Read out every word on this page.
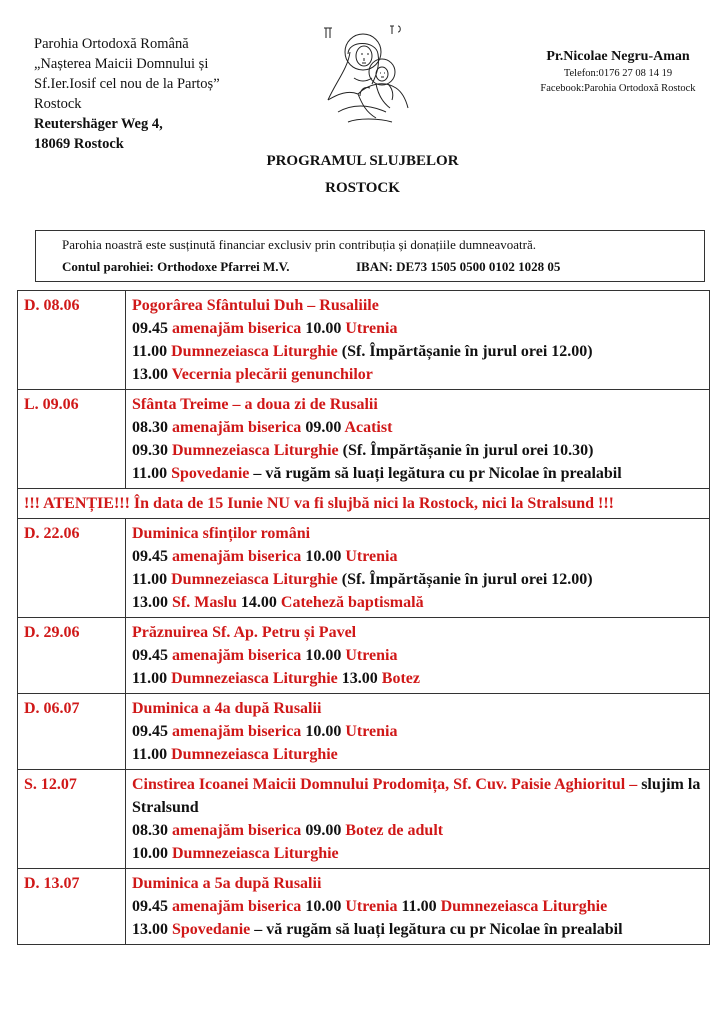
Parohia Ortodoxă Română
„Nașterea Maicii Domnului și
Sf.Ier.Iosif cel nou de la Partoș”
Rostock
Reutershäger Weg 4,
18069 Rostock
Pr.Nicolae Negru-Aman
Telefon:0176 27 08 14 19
Facebook:Parohia Ortodoxă Rostock
PROGRAMUL SLUJBELOR
ROSTOCK
Parohia noastră este susținută financiar exclusiv prin contribuția și donațiile dumneavoatră.
Contul parohiei: Orthodoxe Pfarrei M.V.	IBAN: DE73 1505 0500 0102 1028 05
D. 08.06	Pogorârea Sfântului Duh – Rusaliile
09.45 amenajăm biserica 10.00 Utrenia
11.00 Dumnezeiasca Liturghie (Sf. Împărtășanie în jurul orei 12.00)
13.00 Vecernia plecării genunchilor

L. 09.06	Sfânta Treime – a doua zi de Rusalii
08.30 amenajăm biserica 09.00 Acatist
09.30 Dumnezeiasca Liturghie (Sf. Împărtășanie în jurul orei 10.30)
11.00 Spovedanie – vă rugăm să luați legătura cu pr Nicolae în prealabil

!!! ATENȚIE!!! În data de 15 Iunie NU va fi slujbă nici la Rostock, nici la Stralsund !!!	
D. 22.06	Duminica sfinților români
09.45 amenajăm biserica 10.00 Utrenia
11.00 Dumnezeiasca Liturghie (Sf. Împărtășanie în jurul orei 12.00)
13.00 Sf. Maslu 14.00 Cateheză baptismală

D. 29.06	Prăznuirea Sf. Ap. Petru și Pavel
09.45 amenajăm biserica 10.00 Utrenia
11.00 Dumnezeiasca Liturghie 13.00 Botez

D. 06.07	Duminica a 4a după Rusalii
09.45 amenajăm biserica 10.00 Utrenia
11.00 Dumnezeiasca Liturghie

S. 12.07	Cinstirea Icoanei Maicii Domnului Prodomița, Sf. Cuv. Paisie Aghioritul – slujim la Stralsund
08.30 amenajăm biserica 09.00 Botez de adult
10.00 Dumnezeiasca Liturghie

D. 13.07	Duminica a 5a după Rusalii
09.45 amenajăm biserica 10.00 Utrenia 11.00 Dumnezeiasca Liturghie
13.00 Spovedanie – vă rugăm să luați legătura cu pr Nicolae în prealabil
